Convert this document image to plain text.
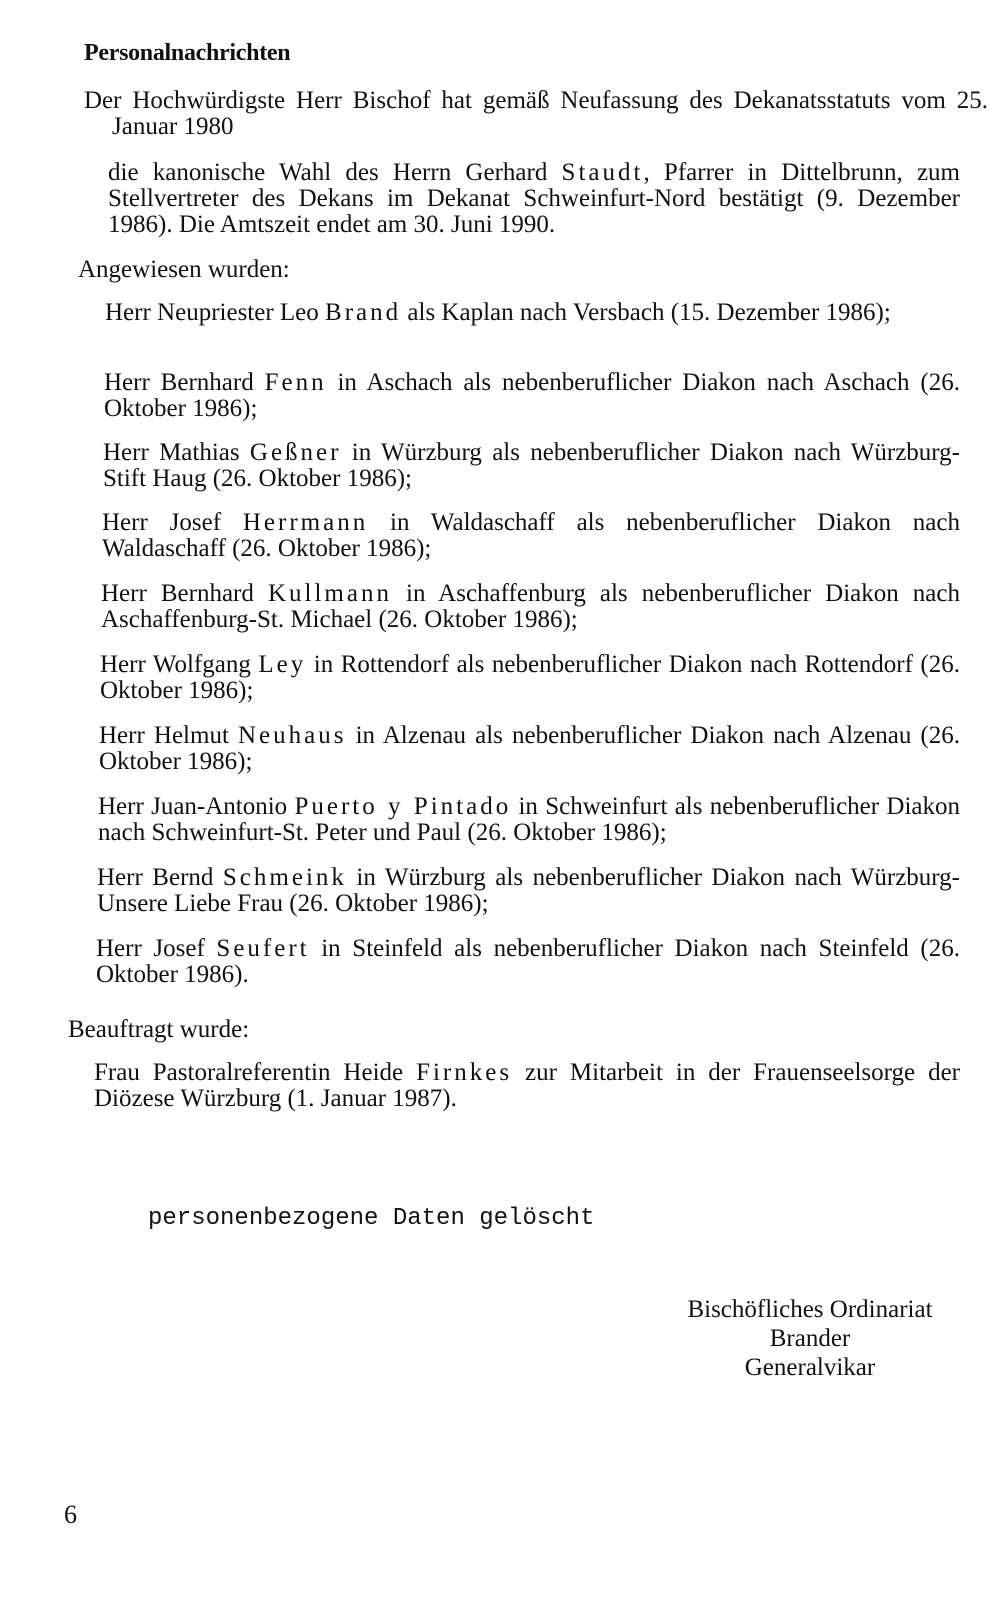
Personalnachrichten
Der Hochwürdigste Herr Bischof hat gemäß Neufassung des Dekanatsstatuts vom 25. Januar 1980
die kanonische Wahl des Herrn Gerhard Staudt, Pfarrer in Dittelbrunn, zum Stellvertreter des Dekans im Dekanat Schweinfurt-Nord bestätigt (9. Dezember 1986). Die Amtszeit endet am 30. Juni 1990.
Angewiesen wurden:
Herr Neupriester Leo Brand als Kaplan nach Versbach (15. Dezember 1986);
Herr Bernhard Fenn in Aschach als nebenberuflicher Diakon nach Aschach (26. Oktober 1986);
Herr Mathias Geßner in Würzburg als nebenberuflicher Diakon nach Würzburg-Stift Haug (26. Oktober 1986);
Herr Josef Herrmann in Waldaschaff als nebenberuflicher Diakon nach Waldaschaff (26. Oktober 1986);
Herr Bernhard Kullmann in Aschaffenburg als nebenberuflicher Diakon nach Aschaffenburg-St. Michael (26. Oktober 1986);
Herr Wolfgang Ley in Rottendorf als nebenberuflicher Diakon nach Rottendorf (26. Oktober 1986);
Herr Helmut Neuhaus in Alzenau als nebenberuflicher Diakon nach Alzenau (26. Oktober 1986);
Herr Juan-Antonio Puerto y Pintado in Schweinfurt als nebenberuflicher Diakon nach Schweinfurt-St. Peter und Paul (26. Oktober 1986);
Herr Bernd Schmeink in Würzburg als nebenberuflicher Diakon nach Würzburg-Unsere Liebe Frau (26. Oktober 1986);
Herr Josef Seufert in Steinfeld als nebenberuflicher Diakon nach Steinfeld (26. Oktober 1986).
Beauftragt wurde:
Frau Pastoralreferentin Heide Firnkes zur Mitarbeit in der Frauenseelsorge der Diözese Würzburg (1. Januar 1987).
personenbezogene Daten gelöscht
Bischöfliches Ordinariat
Brander
Generalvikar
6
